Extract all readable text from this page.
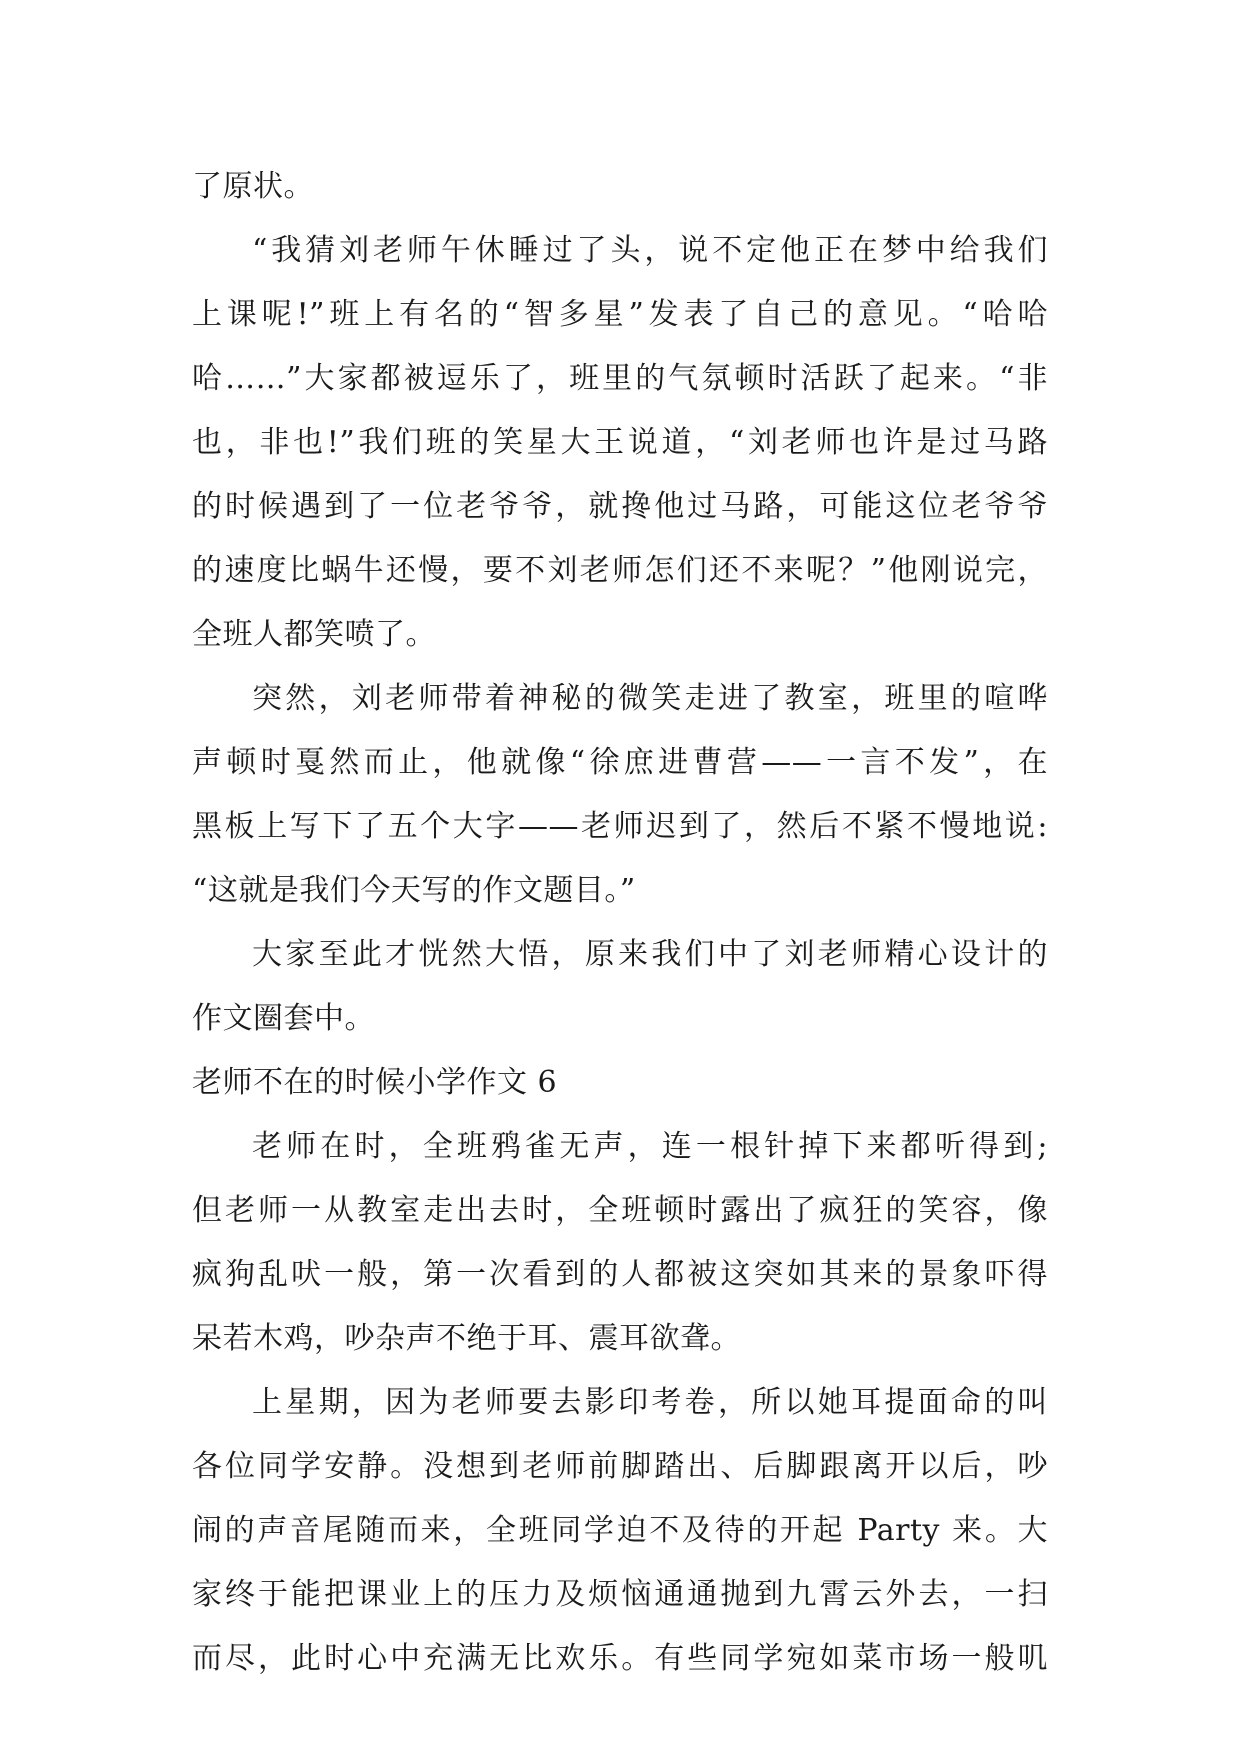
了原状。
“我猜刘老师午休睡过了头，说不定他正在梦中给我们
上课呢!”班上有名的“智多星”发表了自己的意见。“哈哈
哈……”大家都被逗乐了，班里的气氛顿时活跃了起来。“非
也，非也!”我们班的笑星大王说道，“刘老师也许是过马路
的时候遇到了一位老爷爷，就搀他过马路，可能这位老爷爷
的速度比蜗牛还慢，要不刘老师怎们还不来呢？”他刚说完，
全班人都笑喷了。
突然，刘老师带着神秘的微笑走进了教室，班里的喧哗
声顿时戛然而止，他就像“徐庶进曹营——一言不发”，在
黑板上写下了五个大字——老师迟到了，然后不紧不慢地说:
“这就是我们今天写的作文题目。”
大家至此才恍然大悟，原来我们中了刘老师精心设计的
作文圈套中。
老师不在的时候小学作文 6
老师在时，全班鸦雀无声，连一根针掉下来都听得到;
但老师一从教室走出去时，全班顿时露出了疯狂的笑容，像
疯狗乱吠一般，第一次看到的人都被这突如其来的景象吓得
呆若木鸡，吵杂声不绝于耳、震耳欲聋。
上星期，因为老师要去影印考卷，所以她耳提面命的叫
各位同学安静。没想到老师前脚踏出、后脚跟离开以后，吵
闹的声音尾随而来，全班同学迫不及待的开起 Party 来。大
家终于能把课业上的压力及烦恼通通抛到九霄云外去，一扫
而尽，此时心中充满无比欢乐。有些同学宛如菜市场一般叽
